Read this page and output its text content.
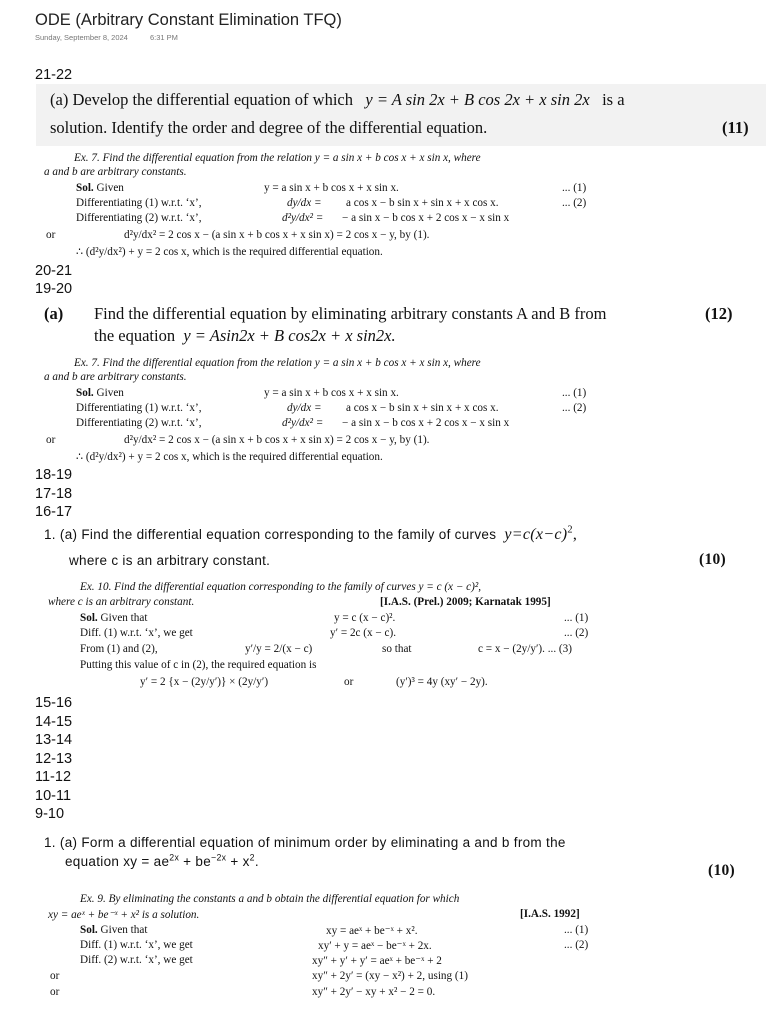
ODE (Arbitrary Constant Elimination TFQ)
Sunday, September 8, 2024	6:31 PM
21-22
(a) Develop the differential equation of which y = A sin 2x + B cos 2x + x sin 2x is a
solution. Identify the order and degree of the differential equation.	(11)
Ex. 7. Find the differential equation from the relation y = a sin x + b cos x + x sin x, where
a and b are arbitrary constants.
Sol. Given	y = a sin x + b cos x + x sin x.	... (1)
Differentiating (1) w.r.t. ‘x’,	dy/dx = a cos x − b sin x + sin x + x cos x.	... (2)
Differentiating (2) w.r.t. ‘x’,	d²y/dx² = − a sin x − b cos x + 2 cos x − x sin x
or	d²y/dx² = 2 cos x − (a sin x + b cos x + x sin x) = 2 cos x − y, by (1).
∴ (d²y/dx²) + y = 2 cos x, which is the required differential equation.
20-21
19-20
(a) Find the differential equation by eliminating arbitrary constants A and B from
the equation y = Asin2x + B cos2x + x sin2x.
(12)
Ex. 7. Find the differential equation from the relation y = a sin x + b cos x + x sin x, where
a and b are arbitrary constants.
Sol. Given	y = a sin x + b cos x + x sin x.	... (1)
Differentiating (1) w.r.t. ‘x’,	dy/dx = a cos x − b sin x + sin x + x cos x.	... (2)
Differentiating (2) w.r.t. ‘x’,	d²y/dx² = − a sin x − b cos x + 2 cos x − x sin x
or	d²y/dx² = 2 cos x − (a sin x + b cos x + x sin x) = 2 cos x − y, by (1).
∴ (d²y/dx²) + y = 2 cos x, which is the required differential equation.
18-19
17-18
16-17
1. (a) Find the differential equation corresponding to the family of curves $y=c(x-c)^2$,
where c is an arbitrary constant.	(10)
Ex. 10. Find the differential equation corresponding to the family of curves y = c (x − c)²,
where c is an arbitrary constant.	[I.A.S. (Prel.) 2009; Karnatak 1995]
Sol. Given that	y = c (x − c)².	... (1)
Diff. (1) w.r.t. ‘x’, we get	y′ = 2c (x − c).	... (2)
From (1) and (2),	y′/y = 2/(x − c)	so that	c = x − (2y/y′). ... (3)
Putting this value of c in (2), the required equation is
y′ = 2 {x − (2y/y′)} × (2y/y′)	or	(y′)³ = 4y (xy′ − 2y).
15-16
14-15
13-14
12-13
11-12
10-11
9-10
1. (a) Form a differential equation of minimum order by eliminating a and b from the
equation xy = $ae^{2x} + be^{-2x} + x^2$.
(10)
Ex. 9. By eliminating the constants a and b obtain the differential equation for which
xy = aeˣ + be⁻ˣ + x² is a solution.	[I.A.S. 1992]
Sol. Given that	xy = aeˣ + be⁻ˣ + x².	... (1)
Diff. (1) w.r.t. ‘x’, we get	xy′ + y = aeˣ − be⁻ˣ + 2x.	... (2)
Diff. (2) w.r.t. ‘x’, we get	xy″ + y′ + y′ = aeˣ + be⁻ˣ + 2
or	xy″ + 2y′ = (xy − x²) + 2, using (1)
or	xy″ + 2y′ − xy + x² − 2 = 0.
